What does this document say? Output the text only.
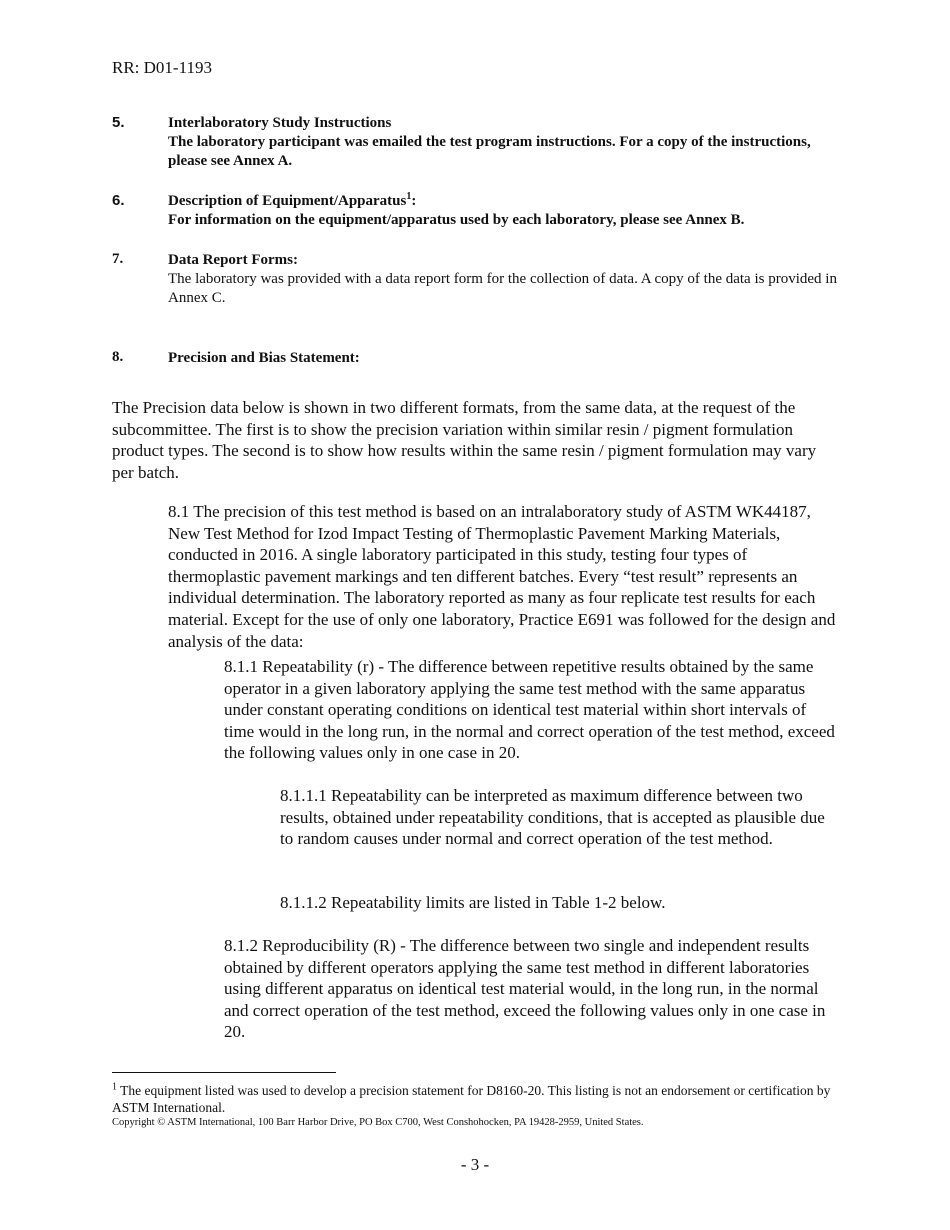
RR: D01-1193
5.	Interlaboratory Study Instructions
The laboratory participant was emailed the test program instructions. For a copy of the instructions, please see Annex A.
6.	Description of Equipment/Apparatus$^1$:
For information on the equipment/apparatus used by each laboratory, please see Annex B.
7.	Data Report Forms:
The laboratory was provided with a data report form for the collection of data. A copy of the data is provided in Annex C.
8.	Precision and Bias Statement:
The Precision data below is shown in two different formats, from the same data, at the request of the subcommittee. The first is to show the precision variation within similar resin / pigment formulation product types. The second is to show how results within the same resin / pigment formulation may vary per batch.
8.1 The precision of this test method is based on an intralaboratory study of ASTM WK44187, New Test Method for Izod Impact Testing of Thermoplastic Pavement Marking Materials, conducted in 2016. A single laboratory participated in this study, testing four types of thermoplastic pavement markings and ten different batches. Every “test result” represents an individual determination. The laboratory reported as many as four replicate test results for each material. Except for the use of only one laboratory, Practice E691 was followed for the design and analysis of the data:
8.1.1 Repeatability (r) - The difference between repetitive results obtained by the same operator in a given laboratory applying the same test method with the same apparatus under constant operating conditions on identical test material within short intervals of time would in the long run, in the normal and correct operation of the test method, exceed the following values only in one case in 20.
8.1.1.1 Repeatability can be interpreted as maximum difference between two results, obtained under repeatability conditions, that is accepted as plausible due to random causes under normal and correct operation of the test method.
8.1.1.2 Repeatability limits are listed in Table 1-2 below.
8.1.2 Reproducibility (R) - The difference between two single and independent results obtained by different operators applying the same test method in different laboratories using different apparatus on identical test material would, in the long run, in the normal and correct operation of the test method, exceed the following values only in one case in 20.
$^1$ The equipment listed was used to develop a precision statement for D8160-20. This listing is not an endorsement or certification by ASTM International.
Copyright © ASTM International, 100 Barr Harbor Drive, PO Box C700, West Conshohocken, PA 19428-2959, United States.
- 3 -
